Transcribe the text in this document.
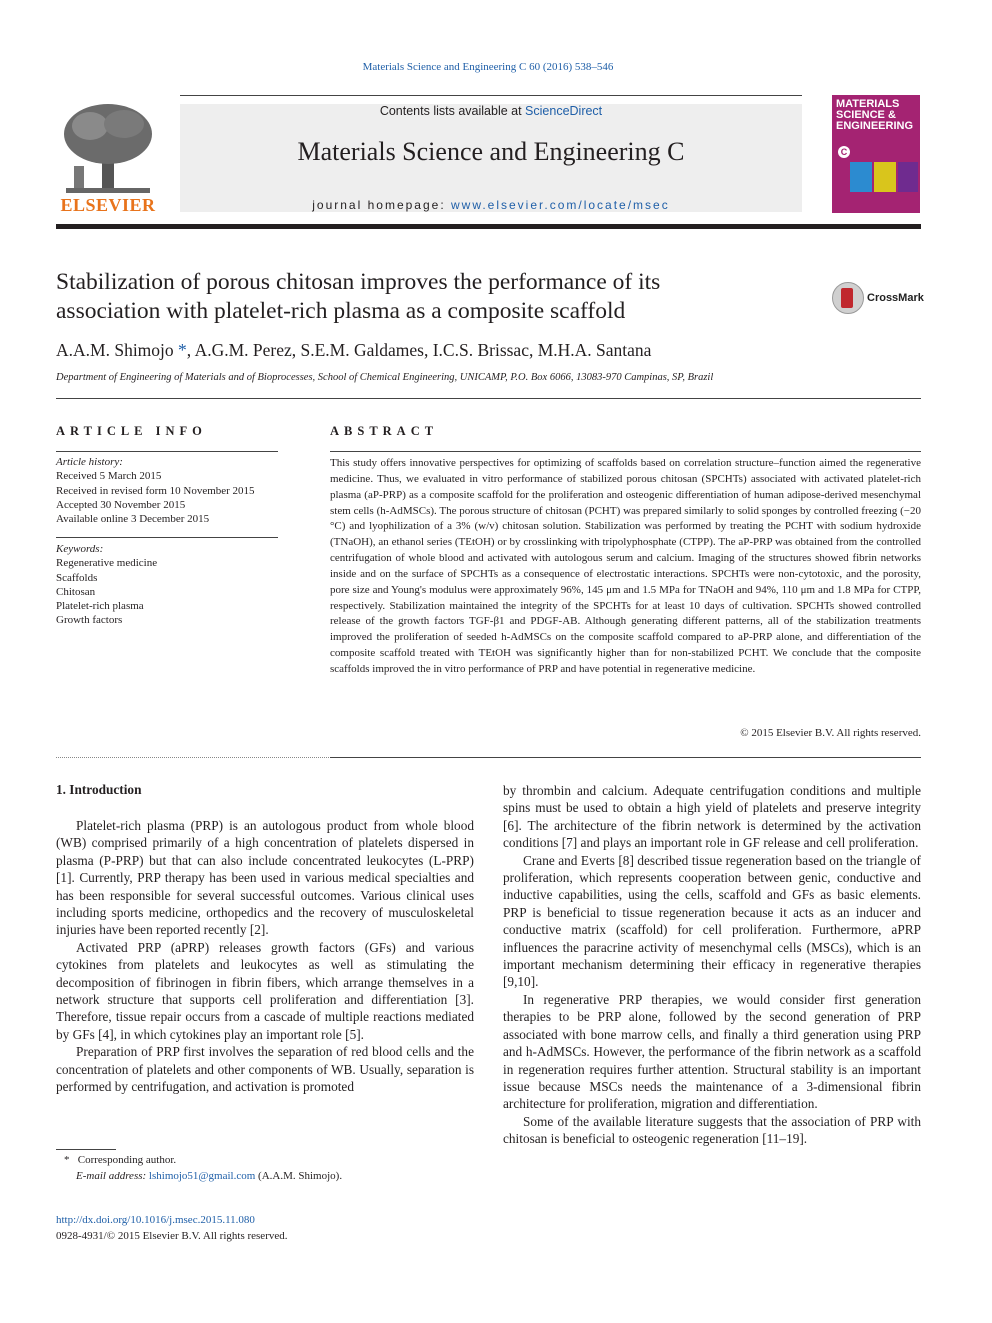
Materials Science and Engineering C 60 (2016) 538–546
ELSEVIER
Contents lists available at ScienceDirect
Materials Science and Engineering C
journal homepage: www.elsevier.com/locate/msec
MATERIALS SCIENCE & ENGINEERING
C
Stabilization of porous chitosan improves the performance of its
association with platelet-rich plasma as a composite scaffold	CrossMark
A.A.M. Shimojo *, A.G.M. Perez, S.E.M. Galdames, I.C.S. Brissac, M.H.A. Santana
Department of Engineering of Materials and of Bioprocesses, School of Chemical Engineering, UNICAMP, P.O. Box 6066, 13083-970 Campinas, SP, Brazil
ARTICLE INFO
Article history:
Received 5 March 2015
Received in revised form 10 November 2015
Accepted 30 November 2015
Available online 3 December 2015
Keywords:
Regenerative medicine
Scaffolds
Chitosan
Platelet-rich plasma
Growth factors
ABSTRACT
This study offers innovative perspectives for optimizing of scaffolds based on correlation structure–function aimed the regenerative medicine. Thus, we evaluated in vitro performance of stabilized porous chitosan (SPCHTs) associated with activated platelet-rich plasma (aP-PRP) as a composite scaffold for the proliferation and osteogenic differentiation of human adipose-derived mesenchymal stem cells (h-AdMSCs). The porous structure of chitosan (PCHT) was prepared similarly to solid sponges by controlled freezing (−20 °C) and lyophilization of a 3% (w/v) chitosan solution. Stabilization was performed by treating the PCHT with sodium hydroxide (TNaOH), an ethanol series (TEtOH) or by crosslinking with tripolyphosphate (CTPP). The aP-PRP was obtained from the controlled centrifugation of whole blood and activated with autologous serum and calcium. Imaging of the structures showed fibrin networks inside and on the surface of SPCHTs as a consequence of electrostatic interactions. SPCHTs were non-cytotoxic, and the porosity, pore size and Young's modulus were approximately 96%, 145 μm and 1.5 MPa for TNaOH and 94%, 110 μm and 1.8 MPa for CTPP, respectively. Stabilization maintained the integrity of the SPCHTs for at least 10 days of cultivation. SPCHTs showed controlled release of the growth factors TGF-β1 and PDGF-AB. Although generating different patterns, all of the stabilization treatments improved the proliferation of seeded h-AdMSCs on the composite scaffold compared to aP-PRP alone, and differentiation of the composite scaffold treated with TEtOH was significantly higher than for non-stabilized PCHT. We conclude that the composite scaffolds improved the in vitro performance of PRP and have potential in regenerative medicine.
© 2015 Elsevier B.V. All rights reserved.
1. Introduction

Platelet-rich plasma (PRP) is an autologous product from whole blood (WB) comprised primarily of a high concentration of platelets dispersed in plasma (P-PRP) but that can also include concentrated leukocytes (L-PRP) [1]. Currently, PRP therapy has been used in various medical specialties and has been responsible for several successful outcomes. Various clinical uses including sports medicine, orthopedics and the recovery of musculoskeletal injuries have been reported recently [2].

Activated PRP (aPRP) releases growth factors (GFs) and various cytokines from platelets and leukocytes as well as stimulating the decomposition of fibrinogen in fibrin fibers, which arrange themselves in a network structure that supports cell proliferation and differentiation [3]. Therefore, tissue repair occurs from a cascade of multiple reactions mediated by GFs [4], in which cytokines play an important role [5].

Preparation of PRP first involves the separation of red blood cells and the concentration of platelets and other components of WB. Usually, separation is performed by centrifugation, and activation is promoted

by thrombin and calcium. Adequate centrifugation conditions and multiple spins must be used to obtain a high yield of platelets and preserve integrity [6]. The architecture of the fibrin network is determined by the activation conditions [7] and plays an important role in GF release and cell proliferation.

Crane and Everts [8] described tissue regeneration based on the triangle of proliferation, which represents cooperation between genic, conductive and inductive capabilities, using the cells, scaffold and GFs as basic elements. PRP is beneficial to tissue regeneration because it acts as an inducer and conductive matrix (scaffold) for cell proliferation. Furthermore, aPRP influences the paracrine activity of mesenchymal cells (MSCs), which is an important mechanism determining their efficacy in regenerative therapies [9,10].

In regenerative PRP therapies, we would consider first generation therapies to be PRP alone, followed by the second generation of PRP associated with bone marrow cells, and finally a third generation using PRP and h-AdMSCs. However, the performance of the fibrin network as a scaffold in regeneration requires further attention. Structural stability is an important issue because MSCs needs the maintenance of a 3-dimensional fibrin architecture for proliferation, migration and differentiation.

Some of the available literature suggests that the association of PRP with chitosan is beneficial to osteogenic regeneration [11–19].

*   Corresponding author.
E-mail address: lshimojo51@gmail.com (A.A.M. Shimojo).
http://dx.doi.org/10.1016/j.msec.2015.11.080
0928-4931/© 2015 Elsevier B.V. All rights reserved.
